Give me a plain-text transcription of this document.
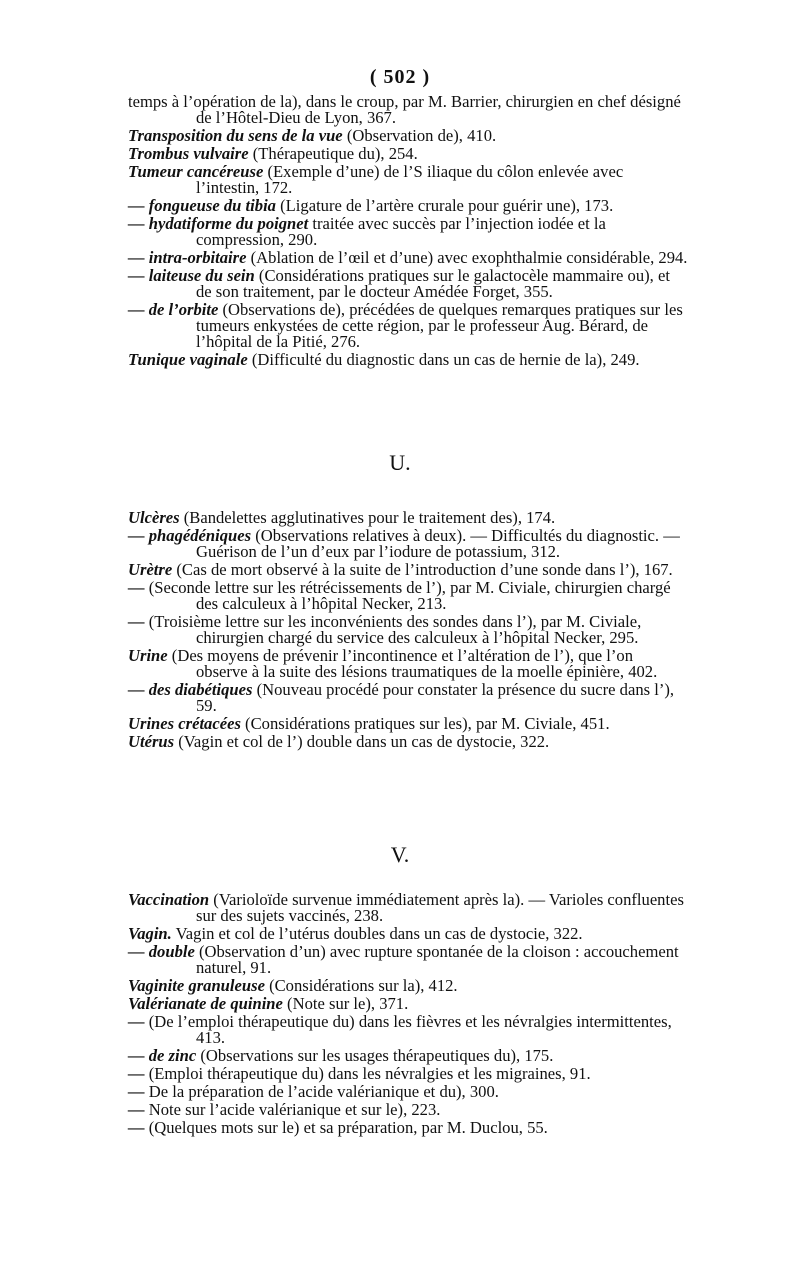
( 502 )
temps à l’opération de la), dans le croup, par M. Barrier, chirurgien en chef désigné de l’Hôtel-Dieu de Lyon, 367.
Transposition du sens de la vue (Observation de), 410.
Trombus vulvaire (Thérapeutique du), 254.
Tumeur cancéreuse (Exemple d’une) de l’S iliaque du côlon enlevée avec l’intestin, 172.
— fongueuse du tibia (Ligature de l’artère crurale pour guérir une), 173.
— hydatiforme du poignet traitée avec succès par l’injection iodée et la compression, 290.
— intra-orbitaire (Ablation de l’œil et d’une) avec exophthalmie considérable, 294.
— laiteuse du sein (Considérations pratiques sur le galactocèle mammaire ou), et de son traitement, par le docteur Amédée Forget, 355.
— de l’orbite (Observations de), précédées de quelques remarques pratiques sur les tumeurs enkystées de cette région, par le professeur Aug. Bérard, de l’hôpital de la Pitié, 276.
Tunique vaginale (Difficulté du diagnostic dans un cas de hernie de la), 249.
U.
Ulcères (Bandelettes agglutinatives pour le traitement des), 174.
— phagédéniques (Observations relatives à deux). — Difficultés du diagnostic. — Guérison de l’un d’eux par l’iodure de potassium, 312.
Urètre (Cas de mort observé à la suite de l’introduction d’une sonde dans l’), 167.
— (Seconde lettre sur les rétrécissements de l’), par M. Civiale, chirurgien chargé des calculeux à l’hôpital Necker, 213.
— (Troisième lettre sur les inconvénients des sondes dans l’), par M. Civiale, chirurgien chargé du service des calculeux à l’hôpital Necker, 295.
Urine (Des moyens de prévenir l’incontinence et l’altération de l’), que l’on observe à la suite des lésions traumatiques de la moelle épinière, 402.
— des diabétiques (Nouveau procédé pour constater la présence du sucre dans l’), 59.
Urines crétacées (Considérations pratiques sur les), par M. Civiale, 451.
Utérus (Vagin et col de l’) double dans un cas de dystocie, 322.
V.
Vaccination (Varioloïde survenue immédiatement après la). — Varioles confluentes sur des sujets vaccinés, 238.
Vagin. Vagin et col de l’utérus doubles dans un cas de dystocie, 322.
— double (Observation d’un) avec rupture spontanée de la cloison : accouchement naturel, 91.
Vaginite granuleuse (Considérations sur la), 412.
Valérianate de quinine (Note sur le), 371.
— (De l’emploi thérapeutique du) dans les fièvres et les névralgies intermittentes, 413.
— de zinc (Observations sur les usages thérapeutiques du), 175.
— (Emploi thérapeutique du) dans les névralgies et les migraines, 91.
— De la préparation de l’acide valérianique et du), 300.
— Note sur l’acide valérianique et sur le), 223.
— (Quelques mots sur le) et sa préparation, par M. Duclou, 55.
